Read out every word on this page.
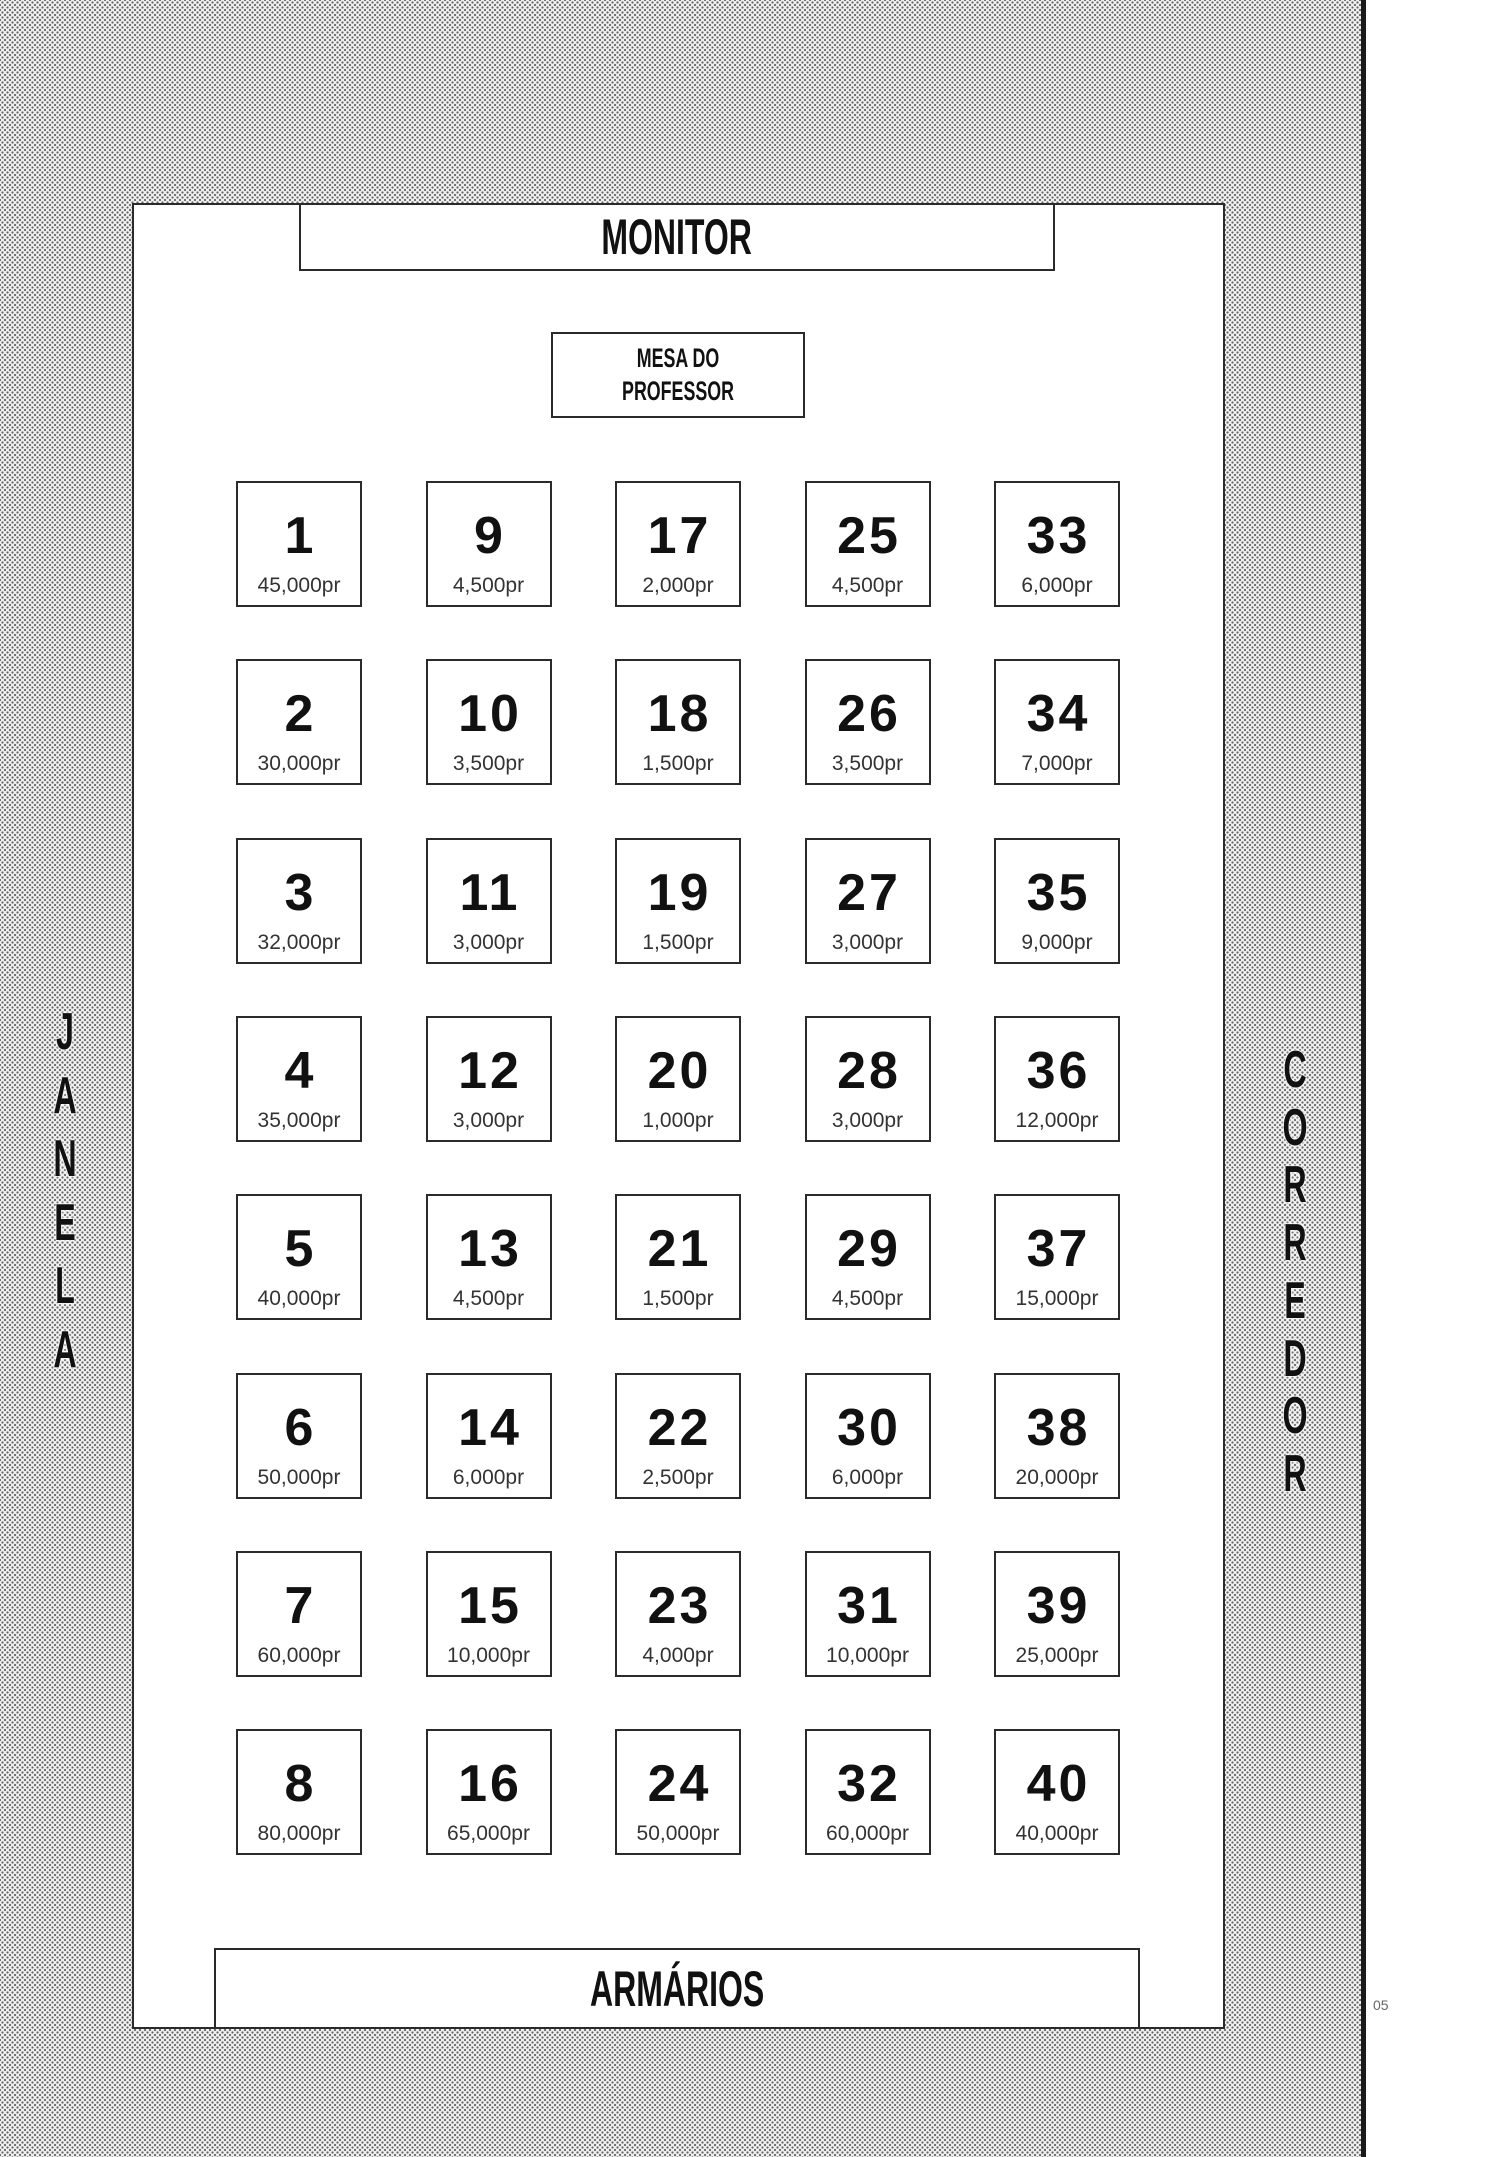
MONITOR
MESA DO
PROFESSOR
1
45,000pr
2
30,000pr
3
32,000pr
4
35,000pr
5
40,000pr
6
50,000pr
7
60,000pr
8
80,000pr
9
4,500pr
10
3,500pr
11
3,000pr
12
3,000pr
13
4,500pr
14
6,000pr
15
10,000pr
16
65,000pr
17
2,000pr
18
1,500pr
19
1,500pr
20
1,000pr
21
1,500pr
22
2,500pr
23
4,000pr
24
50,000pr
25
4,500pr
26
3,500pr
27
3,000pr
28
3,000pr
29
4,500pr
30
6,000pr
31
10,000pr
32
60,000pr
33
6,000pr
34
7,000pr
35
9,000pr
36
12,000pr
37
15,000pr
38
20,000pr
39
25,000pr
40
40,000pr
ARMÁRIOS
JANELA
CORREDOR
05
